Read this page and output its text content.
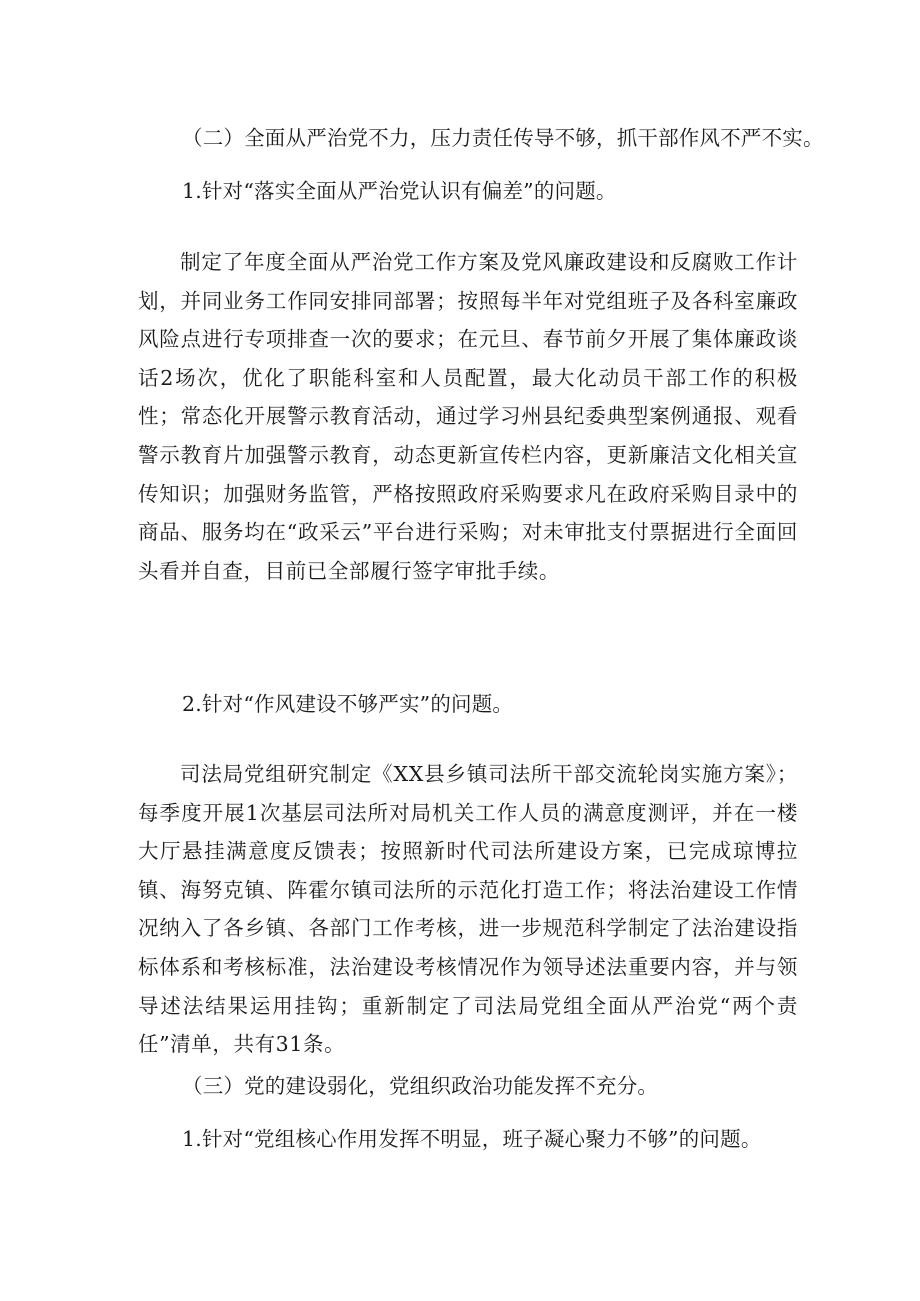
（二）全面从严治党不力，压力责任传导不够，抓干部作风不严不实。
1.针对“落实全面从严治党认识有偏差”的问题。
制定了年度全面从严治党工作方案及党风廉政建设和反腐败工作计划，并同业务工作同安排同部署；按照每半年对党组班子及各科室廉政风险点进行专项排查一次的要求；在元旦、春节前夕开展了集体廉政谈话2场次，优化了职能科室和人员配置，最大化动员干部工作的积极性；常态化开展警示教育活动，通过学习州县纪委典型案例通报、观看警示教育片加强警示教育，动态更新宣传栏内容，更新廉洁文化相关宣传知识；加强财务监管，严格按照政府采购要求凡在政府采购目录中的商品、服务均在“政采云”平台进行采购；对未审批支付票据进行全面回头看并自查，目前已全部履行签字审批手续。
2.针对“作风建设不够严实”的问题。
司法局党组研究制定《XX县乡镇司法所干部交流轮岗实施方案》；每季度开展1次基层司法所对局机关工作人员的满意度测评，并在一楼大厅悬挂满意度反馈表；按照新时代司法所建设方案，已完成琼博拉镇、海努克镇、阵霍尔镇司法所的示范化打造工作；将法治建设工作情况纳入了各乡镇、各部门工作考核，进一步规范科学制定了法治建设指标体系和考核标准，法治建设考核情况作为领导述法重要内容，并与领导述法结果运用挂钩；重新制定了司法局党组全面从严治党“两个责任”清单，共有31条。
（三）党的建设弱化，党组织政治功能发挥不充分。
1.针对“党组核心作用发挥不明显，班子凝心聚力不够”的问题。
